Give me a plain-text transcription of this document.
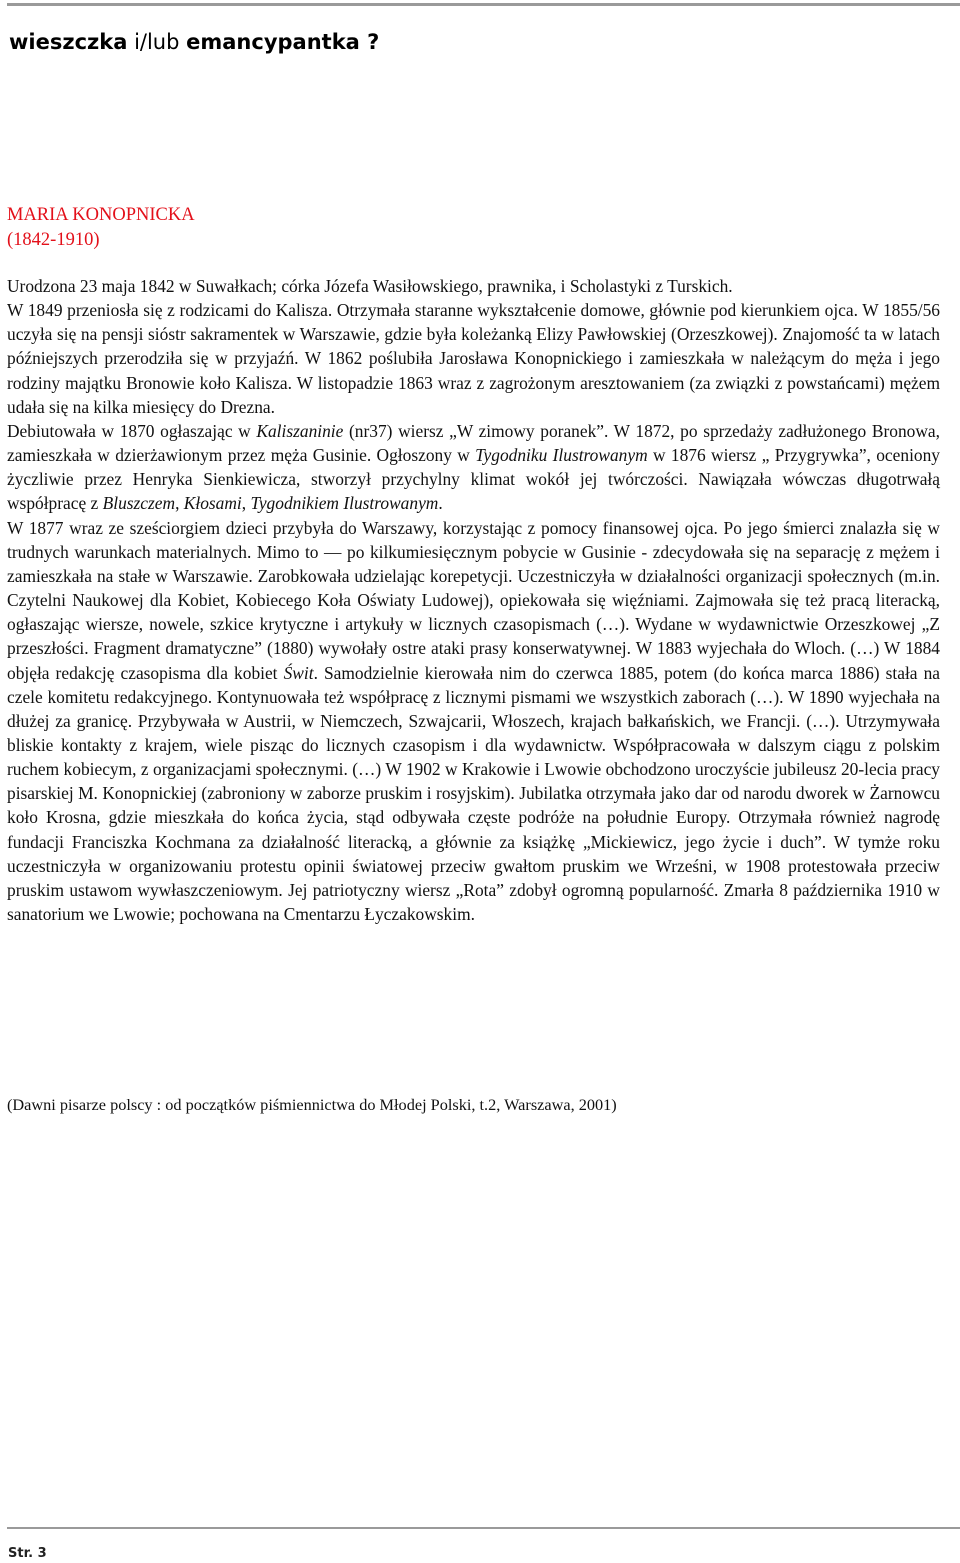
wieszczka i/lub emancypantka ?
MARIA KONOPNICKA
(1842-1910)

Urodzona 23 maja 1842 w Suwałkach; córka Józefa Wasiłowskiego, prawnika, i Scholastyki z Turskich.

W 1849 przeniosła się z rodzicami do Kalisza. Otrzymała staranne wykształcenie domowe, głównie pod kierunkiem ojca. W 1855/56 uczyła się na pensji sióstr sakramentek w Warszawie, gdzie była koleżanką Elizy Pawłowskiej (Orzeszkowej). Znajomość ta w latach późniejszych przerodziła się w przyjaźń. W 1862 poślubiła Jarosława Konopnickiego i zamieszkała w należącym do męża i jego rodziny majątku Bronowie koło Kalisza. W listopadzie 1863 wraz z zagrożonym aresztowaniem (za związki z powstańcami) mężem udała się na kilka miesięcy do Drezna.

Debiutowała w 1870 ogłaszając w Kaliszaninie (nr37) wiersz „W zimowy poranek”. W 1872, po sprzedaży zadłużonego Bronowa, zamieszkała w dzierżawionym przez męża Gusinie. Ogłoszony w Tygodniku Ilustrowanym w 1876 wiersz „ Przygrywka”, oceniony życzliwie przez Henryka Sienkiewicza, stworzył przychylny klimat wokół jej twórczości. Nawiązała wówczas długotrwałą współpracę z Bluszczem, Kłosami, Tygodnikiem Ilustrowanym.

W 1877 wraz ze sześciorgiem dzieci przybyła do Warszawy, korzystając z pomocy finansowej ojca. Po jego śmierci znalazła się w trudnych warunkach materialnych. Mimo to — po kilkumiesięcznym pobycie w Gusinie - zdecydowała się na separację z mężem i zamieszkała na stałe w Warszawie. Zarobkowała udzielając korepetycji. Uczestniczyła w działalności organizacji społecznych (m.in. Czytelni Naukowej dla Kobiet, Kobiecego Koła Oświaty Ludowej), opiekowała się więźniami. Zajmowała się też pracą literacką, ogłaszając wiersze, nowele, szkice krytyczne i artykuły w licznych czasopismach (…). Wydane w wydawnictwie Orzeszkowej „Z przeszłości. Fragment dramatyczne” (1880) wywołały ostre ataki prasy konserwatywnej. W 1883 wyjechała do Wloch. (…) W 1884 objęła redakcję czasopisma dla kobiet Świt. Samodzielnie kierowała nim do czerwca 1885, potem (do końca marca 1886) stała na czele komitetu redakcyjnego. Kontynuowała też współpracę z licznymi pismami we wszystkich zaborach (…). W 1890 wyjechała na dłużej za granicę. Przybywała w Austrii, w Niemczech, Szwajcarii, Włoszech, krajach bałkańskich, we Francji. (…). Utrzymywała bliskie kontakty z krajem, wiele pisząc do licznych czasopism i dla wydawnictw. Współpracowała w dalszym ciągu z polskim ruchem kobiecym, z organizacjami społecznymi. (…) W 1902 w Krakowie i Lwowie obchodzono uroczyście jubileusz 20-lecia pracy pisarskiej M. Konopnickiej (zabroniony w zaborze pruskim i rosyjskim). Jubilatka otrzymała jako dar od narodu dworek w Żarnowcu koło Krosna, gdzie mieszkała do końca życia, stąd odbywała częste podróże na południe Europy. Otrzymała również nagrodę fundacji Franciszka Kochmana za działalność literacką, a głównie za książkę „Mickiewicz, jego życie i duch”. W tymże roku uczestniczyła w organizowaniu protestu opinii światowej przeciw gwałtom pruskim we Wrześni, w 1908 protestowała przeciw pruskim ustawom wywłaszczeniowym. Jej patriotyczny wiersz „Rota” zdobył ogromną popularność. Zmarła 8 października 1910 w sanatorium we Lwowie; pochowana na Cmentarzu Łyczakowskim.

(Dawni pisarze polscy : od początków piśmiennictwa do Młodej Polski, t.2, Warszawa, 2001)
Str. 3
